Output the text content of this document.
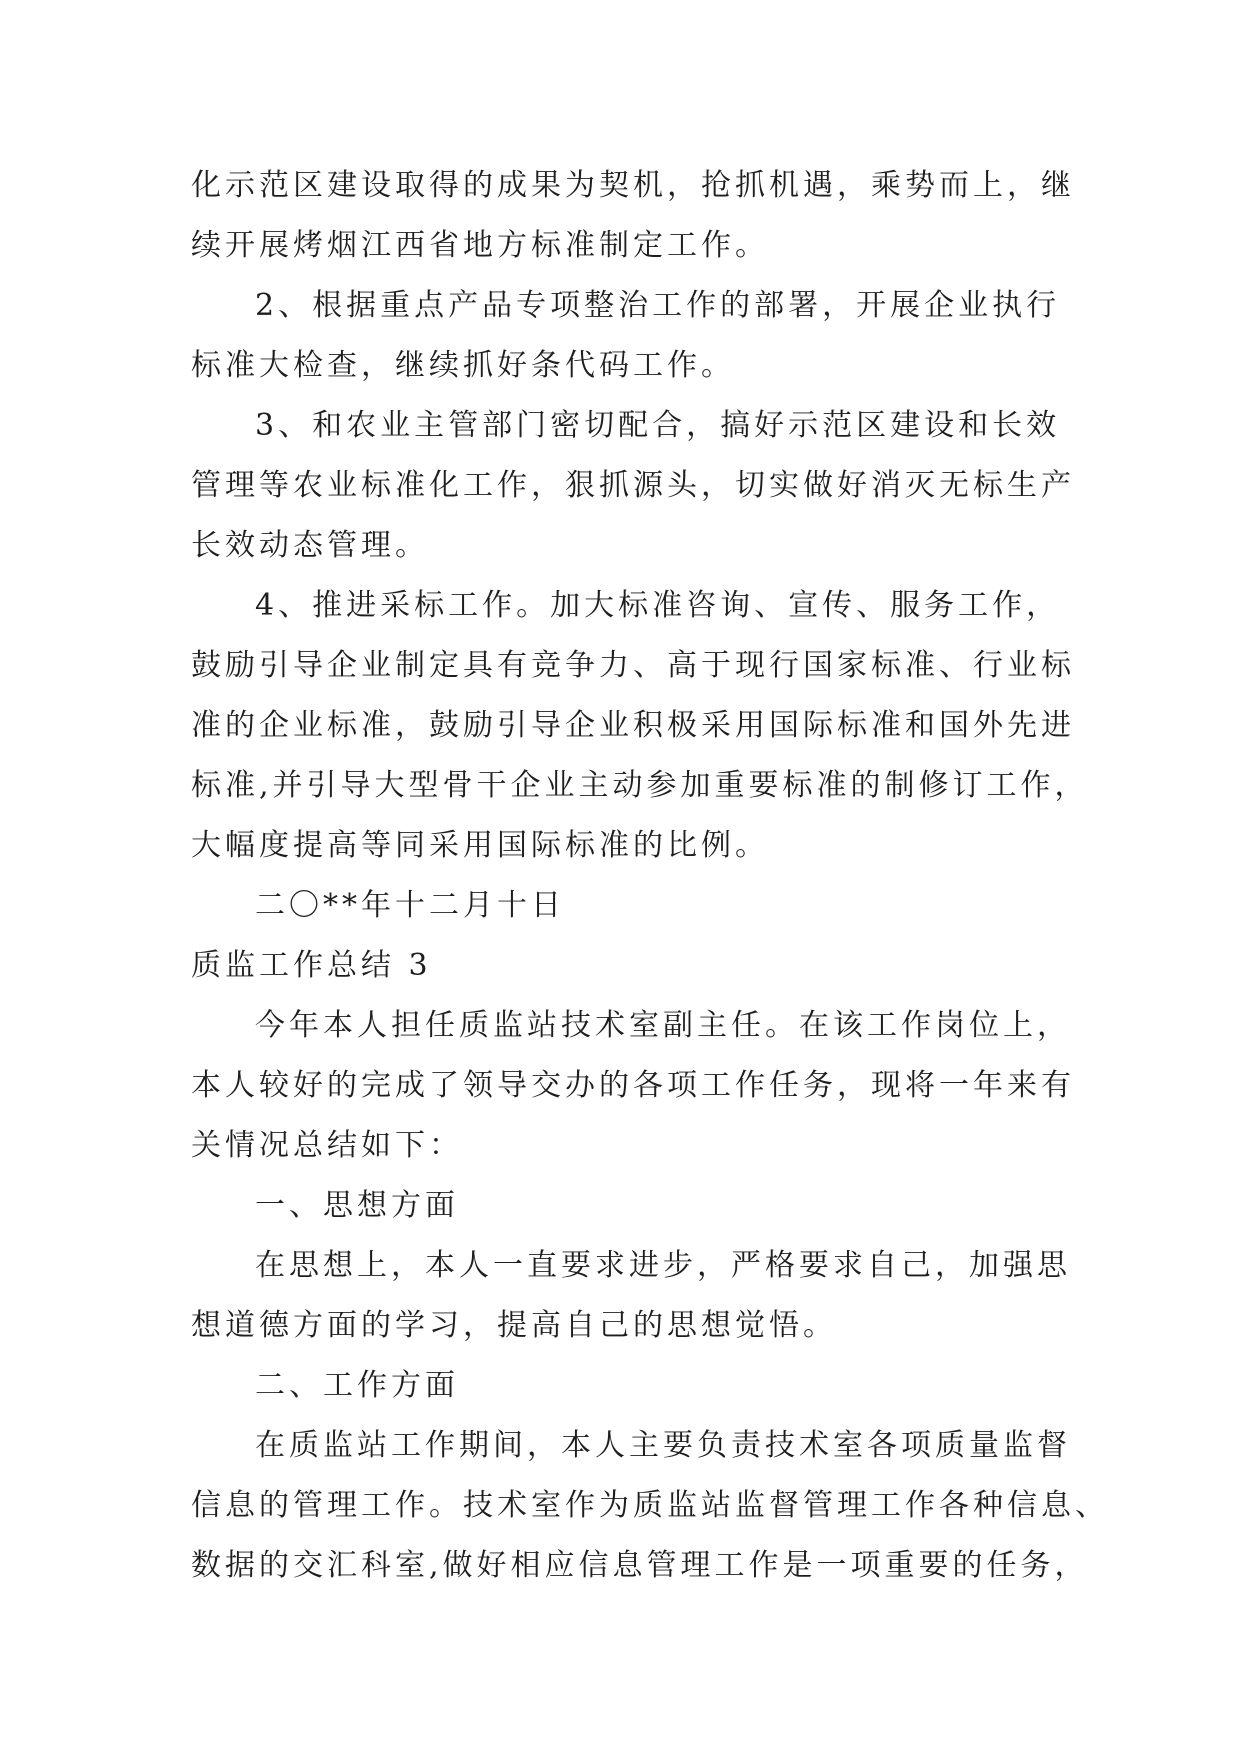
化示范区建设取得的成果为契机，抢抓机遇，乘势而上，继

续开展烤烟江西省地方标准制定工作。

2、根据重点产品专项整治工作的部署，开展企业执行

标准大检查，继续抓好条代码工作。

3、和农业主管部门密切配合，搞好示范区建设和长效

管理等农业标准化工作，狠抓源头，切实做好消灭无标生产

长效动态管理。

4、推进采标工作。加大标准咨询、宣传、服务工作，

鼓励引导企业制定具有竞争力、高于现行国家标准、行业标

准的企业标准，鼓励引导企业积极采用国际标准和国外先进

标准,并引导大型骨干企业主动参加重要标准的制修订工作，

大幅度提高等同采用国际标准的比例。

二〇**年十二月十日

质监工作总结 3

今年本人担任质监站技术室副主任。在该工作岗位上，

本人较好的完成了领导交办的各项工作任务，现将一年来有

关情况总结如下：

一、思想方面

在思想上，本人一直要求进步，严格要求自己，加强思

想道德方面的学习，提高自己的思想觉悟。

二、工作方面

在质监站工作期间，本人主要负责技术室各项质量监督

信息的管理工作。技术室作为质监站监督管理工作各种信息、

数据的交汇科室,做好相应信息管理工作是一项重要的任务，
